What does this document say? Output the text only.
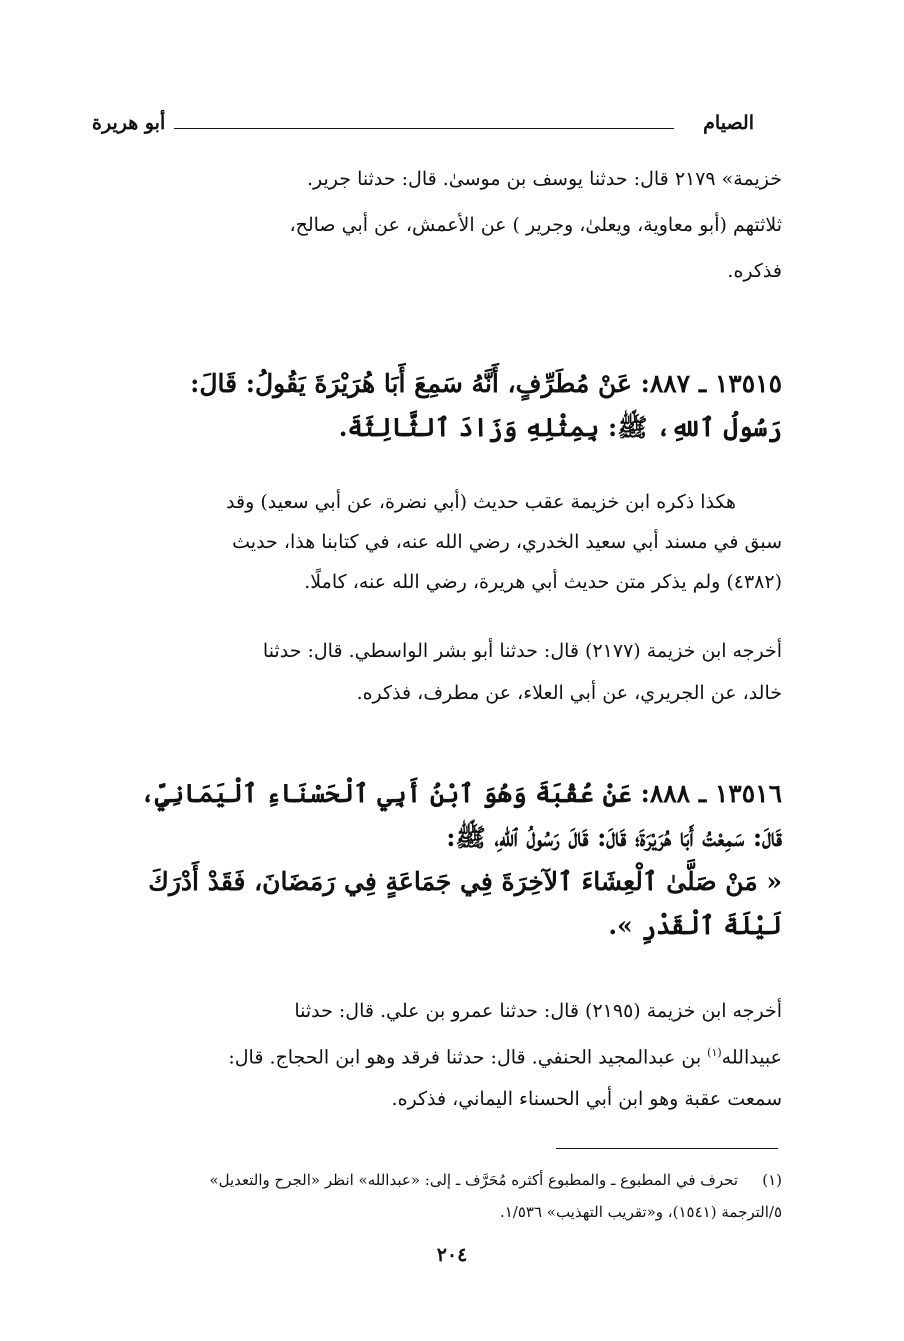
الصيام
أبو هريرة
خزيمة» ٢١٧٩ قال: حدثنا يوسف بن موسىٰ. قال: حدثنا جرير.
ثلاثتهم (أبو معاوية، ويعلىٰ، وجرير ) عن الأعمش، عن أبي صالح،
فذكره.
١٣٥١٥ ـ ٨٨٧: عَنْ مُطَرِّفٍ، أَنَّهُ سَمِعَ أَبَا هُرَيْرَةَ يَقُولُ: قَالَ:
رَسُولُ ٱللهِ، ﷺ: بِمِثْلِهِ وَزَادَ ٱلثَّالِثَةَ.
هكذا ذكره ابن خزيمة عقب حديث (أبي نضرة، عن أبي سعيد) وقد
سبق في مسند أبي سعيد الخدري، رضي الله عنه، في كتابنا هذا، حديث
(٤٣٨٢) ولم يذكر متن حديث أبي هريرة، رضي الله عنه، كاملًا.
أخرجه ابن خزيمة (٢١٧٧) قال: حدثنا أبو بشر الواسطي. قال: حدثنا
خالد، عن الجريري، عن أبي العلاء، عن مطرف، فذكره.
١٣٥١٦ ـ ٨٨٨: عَنْ عُقْبَةَ وَهُوَ ٱبْنُ أَبِي ٱلْحَسْنَاءِ ٱلْيَمَانِيِّ،
قَالَ: سَمِعْتُ أَبَا هُرَيْرَةَ؛ قَالَ: قَالَ رَسُولُ ٱللهِ، ﷺ:
« مَنْ صَلَّىٰ ٱلْعِشَاءَ ٱلآخِرَةَ فِي جَمَاعَةٍ فِي رَمَضَانَ، فَقَدْ أَدْرَكَ
لَيْلَةَ ٱلْقَدْرِ ».
أخرجه ابن خزيمة (٢١٩٥) قال: حدثنا عمرو بن علي. قال: حدثنا
عبيدالله$^{(١)}$ بن عبدالمجيد الحنفي. قال: حدثنا فرقد وهو ابن الحجاج. قال:
سمعت عقبة وهو ابن أبي الحسناء اليماني، فذكره.
(١)تحرف في المطبوع ـ والمطبوع أكثره مُحَرَّف ـ إلى: «عبدالله» انظر «الجرح والتعديل»
٥/الترجمة (١٥٤١)، و«تقريب التهذيب» ١/٥٣٦.
٢٠٤
